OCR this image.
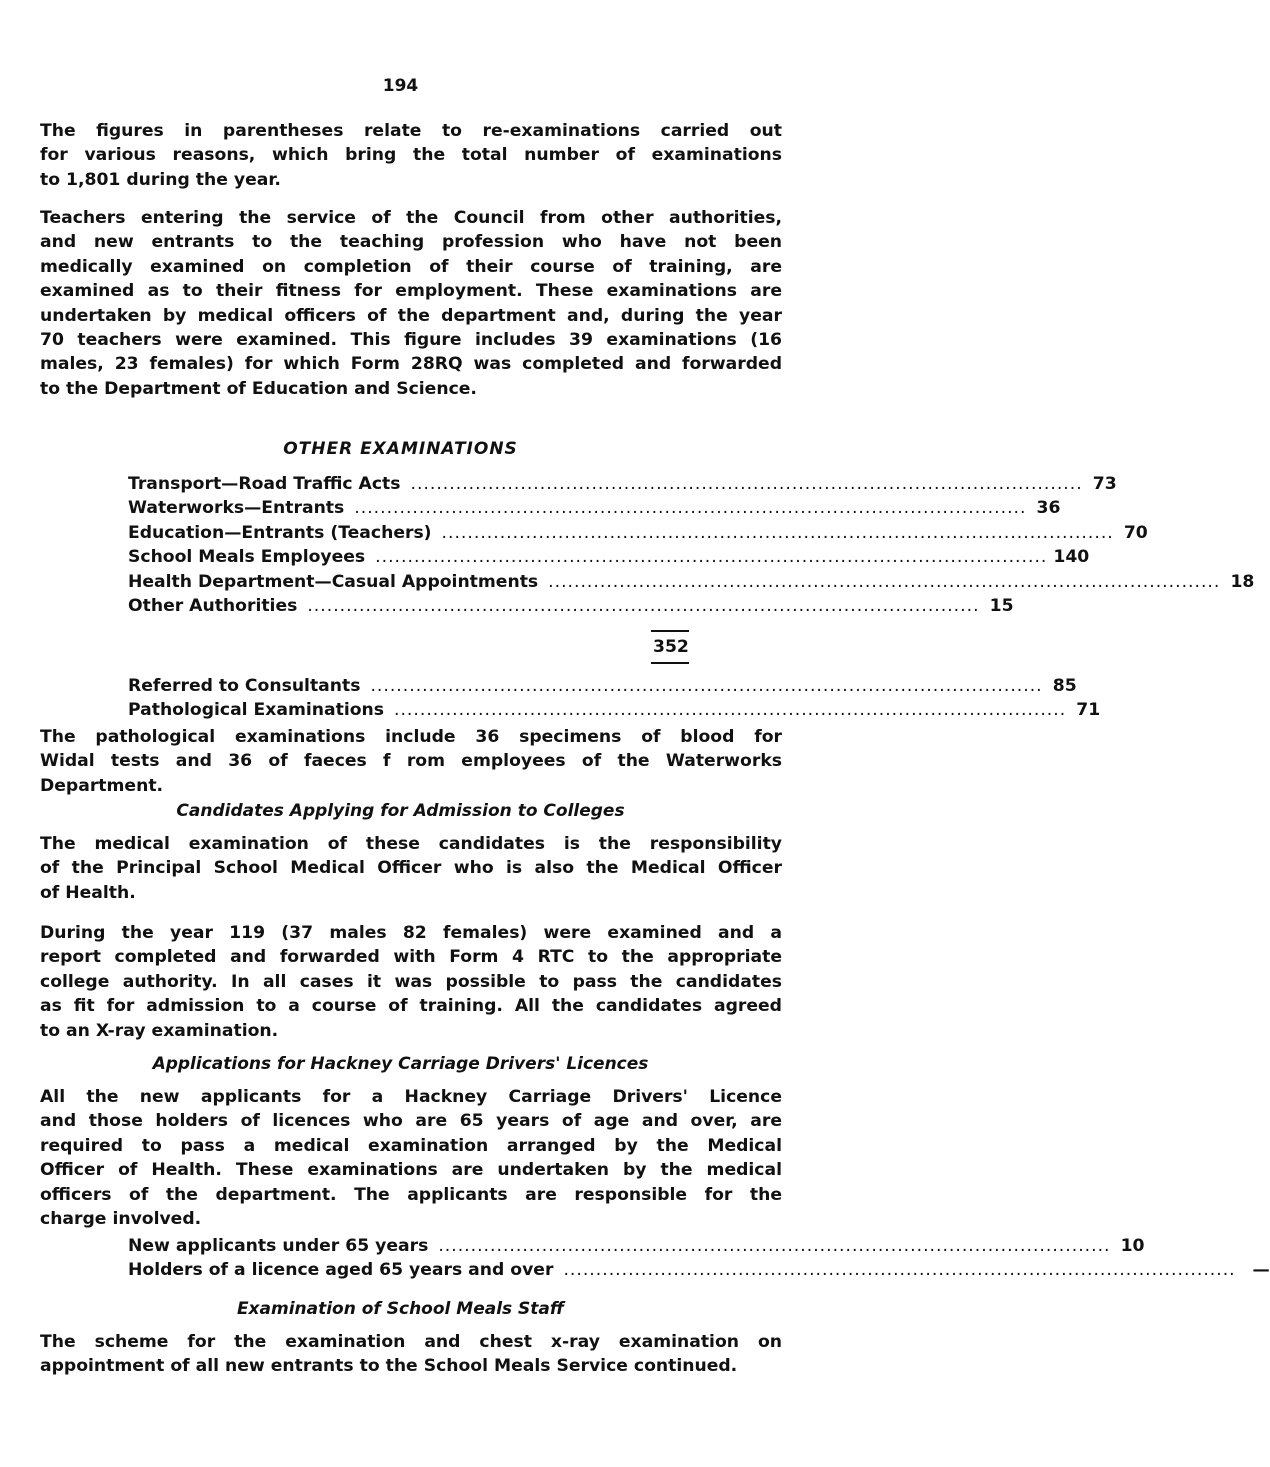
194

The figures in parentheses relate to re-examinations carried out
for various reasons, which bring the total number of examinations
to 1,801 during the year.

Teachers entering the service of the Council from other authorities,
and new entrants to the teaching profession who have not been
medically examined on completion of their course of training, are
examined as to their fitness for employment. These examinations are
undertaken by medical officers of the department and, during the year
70 teachers were examined. This figure includes 39 examinations (16
males, 23 females) for which Form 28RQ was completed and forwarded
to the Department of Education and Science.

OTHER EXAMINATIONS
Transport—Road Traffic Acts ........................................................................................................ 73
Waterworks—Entrants ........................................................................................................ 36
Education—Entrants (Teachers) ........................................................................................................ 70
School Meals Employees ........................................................................................................ 140
Health Department—Casual Appointments ........................................................................................................ 18
Other Authorities ........................................................................................................ 15
352
Referred to Consultants ........................................................................................................ 85
Pathological Examinations ........................................................................................................ 71

The pathological examinations include 36 specimens of blood for
Widal tests and 36 of faeces f rom employees of the Waterworks
Department.

Candidates Applying for Admission to Colleges

The medical examination of these candidates is the responsibility
of the Principal School Medical Officer who is also the Medical Officer
of Health.

During the year 119 (37 males 82 females) were examined and a
report completed and forwarded with Form 4 RTC to the appropriate
college authority. In all cases it was possible to pass the candidates
as fit for admission to a course of training. All the candidates agreed
to an X-ray examination.

Applications for Hackney Carriage Drivers' Licences

All the new applicants for a Hackney Carriage Drivers' Licence
and those holders of licences who are 65 years of age and over, are
required to pass a medical examination arranged by the Medical
Officer of Health. These examinations are undertaken by the medical
officers of the department. The applicants are responsible for the
charge involved.

New applicants under 65 years ........................................................................................................ 10
Holders of a licence aged 65 years and over ........................................................................................................ —
Examination of School Meals Staff

The scheme for the examination and chest x-ray examination on
appointment of all new entrants to the School Meals Service continued.
